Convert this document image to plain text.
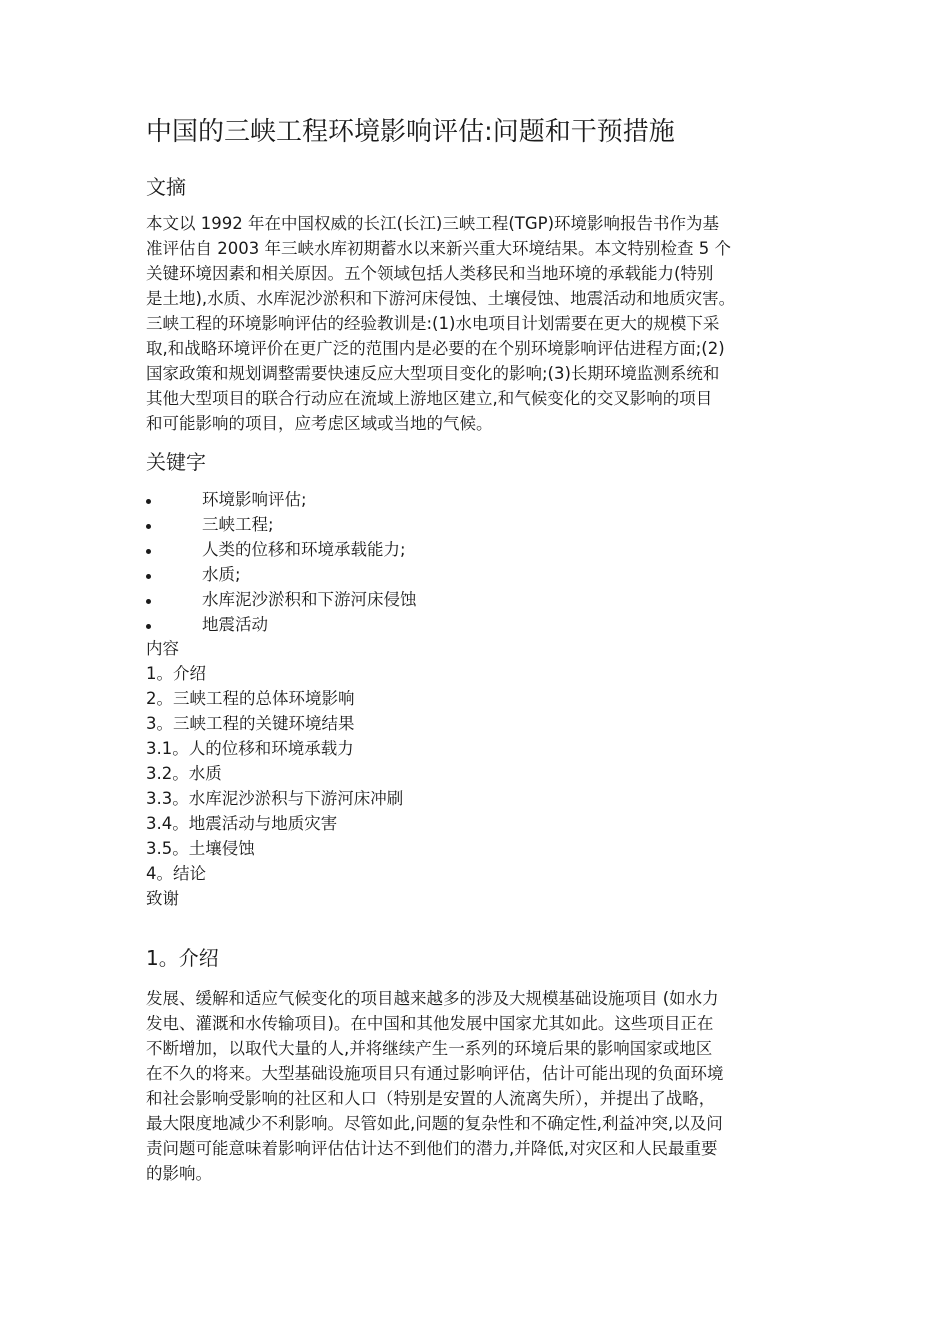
中国的三峡工程环境影响评估:问题和干预措施
文摘

本文以 1992 年在中国权威的长江(长江)三峡工程(TGP)环境影响报告书作为基
准评估自 2003 年三峡水库初期蓄水以来新兴重大环境结果。本文特别检查 5 个
关键环境因素和相关原因。五个领域包括人类移民和当地环境的承载能力(特别
是土地),水质、水库泥沙淤积和下游河床侵蚀、土壤侵蚀、地震活动和地质灾害。
三峡工程的环境影响评估的经验教训是:(1)水电项目计划需要在更大的规模下采
取,和战略环境评价在更广泛的范围内是必要的在个别环境影响评估进程方面;(2)
国家政策和规划调整需要快速反应大型项目变化的影响;(3)长期环境监测系统和
其他大型项目的联合行动应在流域上游地区建立,和气候变化的交叉影响的项目
和可能影响的项目，应考虑区域或当地的气候。

关键字
环境影响评估;
三峡工程;
人类的位移和环境承载能力;
水质;
水库泥沙淤积和下游河床侵蚀
地震活动
内容
1。介绍
2。三峡工程的总体环境影响
3。三峡工程的关键环境结果
3.1。人的位移和环境承载力
3.2。水质
3.3。水库泥沙淤积与下游河床冲刷
3.4。地震活动与地质灾害
3.5。土壤侵蚀
4。结论
致谢
1。介绍

发展、缓解和适应气候变化的项目越来越多的涉及大规模基础设施项目 (如水力
发电、灌溉和水传输项目)。在中国和其他发展中国家尤其如此。这些项目正在
不断增加，以取代大量的人,并将继续产生一系列的环境后果的影响国家或地区
在不久的将来。大型基础设施项目只有通过影响评估，估计可能出现的负面环境
和社会影响受影响的社区和人口（特别是安置的人流离失所），并提出了战略，
最大限度地减少不利影响。尽管如此,问题的复杂性和不确定性,利益冲突,以及问
责问题可能意味着影响评估估计达不到他们的潜力,并降低,对灾区和人民最重要
的影响。
